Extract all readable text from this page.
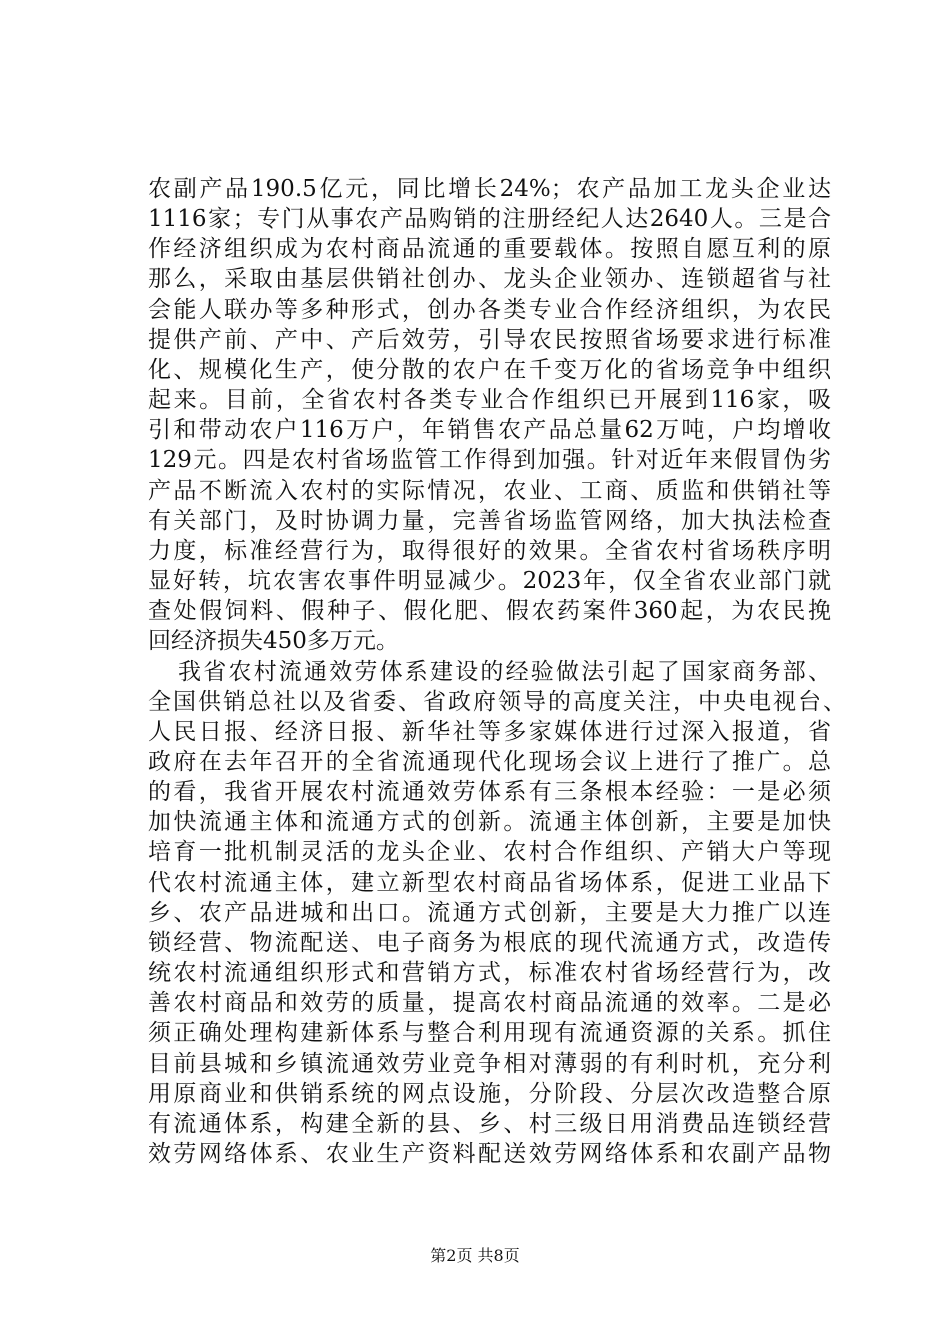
农副产品190.5亿元，同比增长24%；农产品加工龙头企业达
1116家；专门从事农产品购销的注册经纪人达2640人。三是合
作经济组织成为农村商品流通的重要载体。按照自愿互利的原
那么，采取由基层供销社创办、龙头企业领办、连锁超省与社
会能人联办等多种形式，创办各类专业合作经济组织，为农民
提供产前、产中、产后效劳，引导农民按照省场要求进行标准
化、规模化生产，使分散的农户在千变万化的省场竞争中组织
起来。目前，全省农村各类专业合作组织已开展到116家，吸
引和带动农户116万户，年销售农产品总量62万吨，户均增收
129元。四是农村省场监管工作得到加强。针对近年来假冒伪劣
产品不断流入农村的实际情况，农业、工商、质监和供销社等
有关部门，及时协调力量，完善省场监管网络，加大执法检查
力度，标准经营行为，取得很好的效果。全省农村省场秩序明
显好转，坑农害农事件明显减少。2023年，仅全省农业部门就
查处假饲料、假种子、假化肥、假农药案件360起，为农民挽
回经济损失450多万元。
我省农村流通效劳体系建设的经验做法引起了国家商务部、
全国供销总社以及省委、省政府领导的高度关注，中央电视台、
人民日报、经济日报、新华社等多家媒体进行过深入报道，省
政府在去年召开的全省流通现代化现场会议上进行了推广。总
的看，我省开展农村流通效劳体系有三条根本经验：一是必须
加快流通主体和流通方式的创新。流通主体创新，主要是加快
培育一批机制灵活的龙头企业、农村合作组织、产销大户等现
代农村流通主体，建立新型农村商品省场体系，促进工业品下
乡、农产品进城和出口。流通方式创新，主要是大力推广以连
锁经营、物流配送、电子商务为根底的现代流通方式，改造传
统农村流通组织形式和营销方式，标准农村省场经营行为，改
善农村商品和效劳的质量，提高农村商品流通的效率。二是必
须正确处理构建新体系与整合利用现有流通资源的关系。抓住
目前县城和乡镇流通效劳业竞争相对薄弱的有利时机，充分利
用原商业和供销系统的网点设施，分阶段、分层次改造整合原
有流通体系，构建全新的县、乡、村三级日用消费品连锁经营
效劳网络体系、农业生产资料配送效劳网络体系和农副产品物
第2页 共8页
